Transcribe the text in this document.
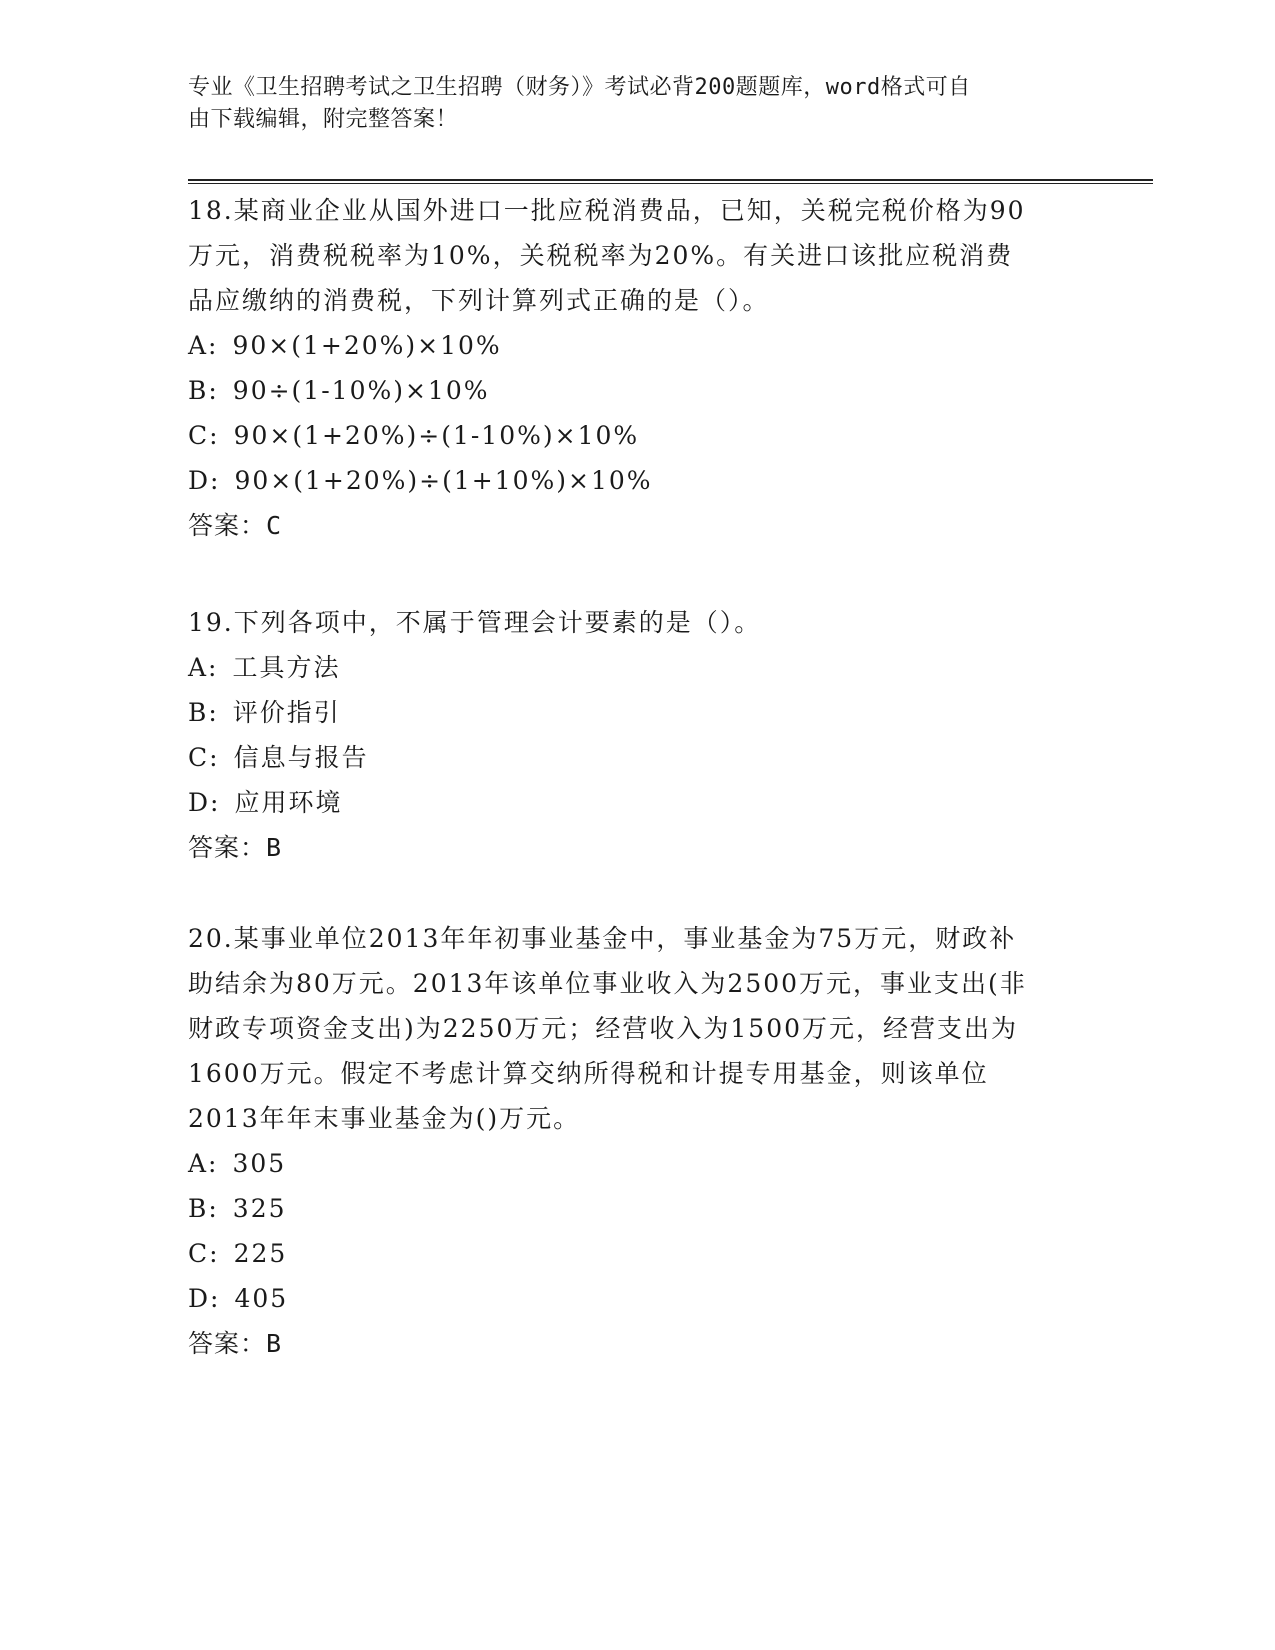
专业《卫生招聘考试之卫生招聘（财务）》考试必背200题题库，word格式可自
由下载编辑，附完整答案！
18.某商业企业从国外进口一批应税消费品，已知，关税完税价格为90
万元，消费税税率为10%，关税税率为20%。有关进口该批应税消费
品应缴纳的消费税，下列计算列式正确的是（）。
A: 90×(1+20%)×10%
B: 90÷(1-10%)×10%
C: 90×(1+20%)÷(1-10%)×10%
D: 90×(1+20%)÷(1+10%)×10%
答案：C
19.下列各项中，不属于管理会计要素的是（）。
A: 工具方法
B: 评价指引
C: 信息与报告
D: 应用环境
答案：B
20.某事业单位2013年年初事业基金中，事业基金为75万元，财政补
助结余为80万元。2013年该单位事业收入为2500万元，事业支出(非
财政专项资金支出)为2250万元；经营收入为1500万元，经营支出为
1600万元。假定不考虑计算交纳所得税和计提专用基金，则该单位
2013年年末事业基金为()万元。
A: 305
B: 325
C: 225
D: 405
答案：B
